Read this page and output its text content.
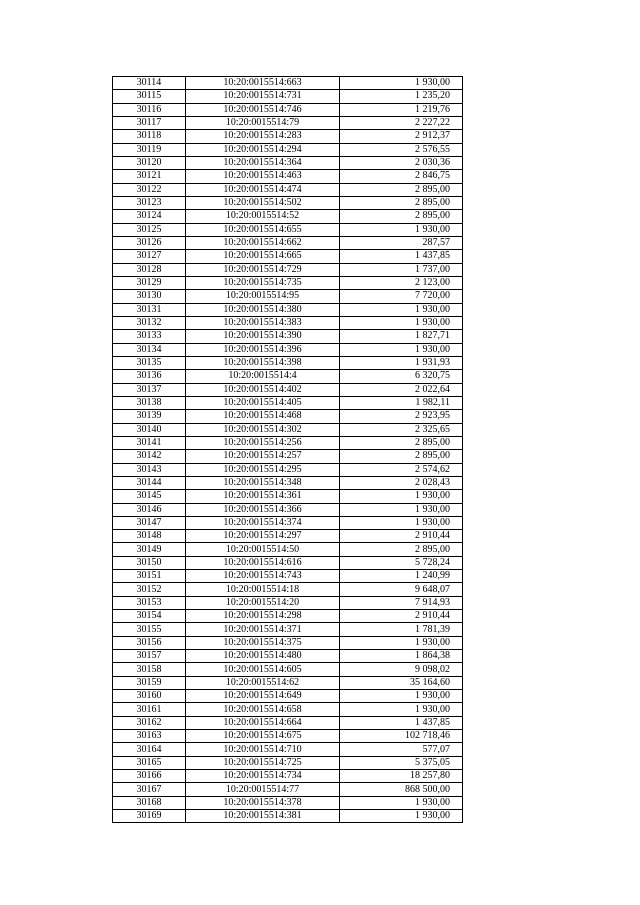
30114	10:20:0015514:663	1 930,00
30115	10:20:0015514:731	1 235,20
30116	10:20:0015514:746	1 219,76
30117	10:20:0015514:79	2 227,22
30118	10:20:0015514:283	2 912,37
30119	10:20:0015514:294	2 576,55
30120	10:20:0015514:364	2 030,36
30121	10:20:0015514:463	2 846,75
30122	10:20:0015514:474	2 895,00
30123	10:20:0015514:502	2 895,00
30124	10:20:0015514:52	2 895,00
30125	10:20:0015514:655	1 930,00
30126	10:20:0015514:662	287,57
30127	10:20:0015514:665	1 437,85
30128	10:20:0015514:729	1 737,00
30129	10:20:0015514:735	2 123,00
30130	10:20:0015514:95	7 720,00
30131	10:20:0015514:380	1 930,00
30132	10:20:0015514:383	1 930,00
30133	10:20:0015514:390	1 827,71
30134	10:20:0015514:396	1 930,00
30135	10:20:0015514:398	1 931,93
30136	10:20:0015514:4	6 320,75
30137	10:20:0015514:402	2 022,64
30138	10:20:0015514:405	1 982,11
30139	10:20:0015514:468	2 923,95
30140	10:20:0015514:302	2 325,65
30141	10:20:0015514:256	2 895,00
30142	10:20:0015514:257	2 895,00
30143	10:20:0015514:295	2 574,62
30144	10:20:0015514:348	2 028,43
30145	10:20:0015514:361	1 930,00
30146	10:20:0015514:366	1 930,00
30147	10:20:0015514:374	1 930,00
30148	10:20:0015514:297	2 910,44
30149	10:20:0015514:50	2 895,00
30150	10:20:0015514:616	5 728,24
30151	10:20:0015514:743	1 240,99
30152	10:20:0015514:18	9 648,07
30153	10:20:0015514:20	7 914,93
30154	10:20:0015514:298	2 910,44
30155	10:20:0015514:371	1 781,39
30156	10:20:0015514:375	1 930,00
30157	10:20:0015514:480	1 864,38
30158	10:20:0015514:605	9 098,02
30159	10:20:0015514:62	35 164,60
30160	10:20:0015514:649	1 930,00
30161	10:20:0015514:658	1 930,00
30162	10:20:0015514:664	1 437,85
30163	10:20:0015514:675	102 718,46
30164	10:20:0015514:710	577,07
30165	10:20:0015514:725	5 375,05
30166	10:20:0015514:734	18 257,80
30167	10:20:0015514:77	868 500,00
30168	10:20:0015514:378	1 930,00
30169	10:20:0015514:381	1 930,00
